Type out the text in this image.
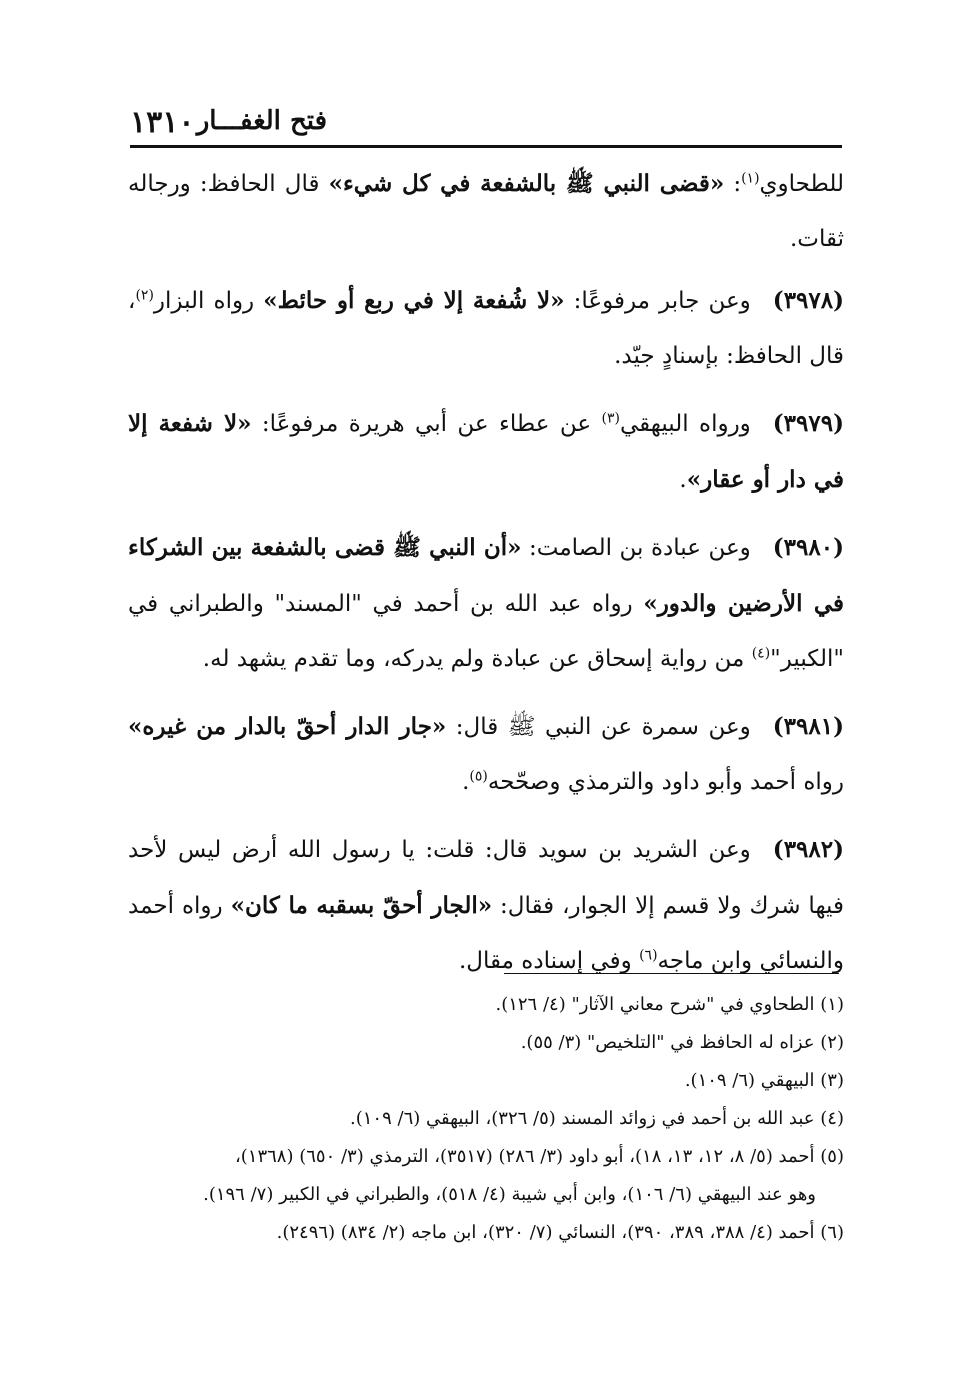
١٣١٠ فتح الغفـــار

للطحاوي$^{(١)}$: «قضى النبي ﷺ بالشفعة في كل شيء» قال الحافظ: ورجاله ثقات.

(٣٩٧٨)وعن جابر مرفوعًا: «لا شُفعة إلا في ربع أو حائط» رواه البزار$^{(٢)}$، قال الحافظ: بإسنادٍ جيّد.

(٣٩٧٩)ورواه البيهقي$^{(٣)}$ عن عطاء عن أبي هريرة مرفوعًا: «لا شفعة إلا في دار أو عقار».

(٣٩٨٠)وعن عبادة بن الصامت: «أن النبي ﷺ قضى بالشفعة بين الشركاء في الأرضين والدور» رواه عبد الله بن أحمد في "المسند" والطبراني في "الكبير"$^{(٤)}$ من رواية إسحاق عن عبادة ولم يدركه، وما تقدم يشهد له.

(٣٩٨١)وعن سمرة عن النبي ﷺ قال: «جار الدار أحقّ بالدار من غيره» رواه أحمد وأبو داود والترمذي وصحّحه$^{(٥)}$.

(٣٩٨٢)وعن الشريد بن سويد قال: قلت: يا رسول الله أرض ليس لأحد فيها شرك ولا قسم إلا الجوار، فقال: «الجار أحقّ بسقبه ما كان» رواه أحمد والنسائي وابن ماجه$^{(٦)}$ وفي إسناده مقال.

(١) الطحاوي في "شرح معاني الآثار" (٤/ ١٢٦).

(٢) عزاه له الحافظ في "التلخيص" (٣/ ٥٥).

(٣) البيهقي (٦/ ١٠٩).

(٤) عبد الله بن أحمد في زوائد المسند (٥/ ٣٢٦)، البيهقي (٦/ ١٠٩).

(٥) أحمد (٥/ ٨، ١٢، ١٣، ١٨)، أبو داود (٣/ ٢٨٦) (٣٥١٧)، الترمذي (٣/ ٦٥٠) (١٣٦٨)،

وهو عند البيهقي (٦/ ١٠٦)، وابن أبي شيبة (٤/ ٥١٨)، والطبراني في الكبير (٧/ ١٩٦).

(٦) أحمد (٤/ ٣٨٨، ٣٨٩، ٣٩٠)، النسائي (٧/ ٣٢٠)، ابن ماجه (٢/ ٨٣٤) (٢٤٩٦).
